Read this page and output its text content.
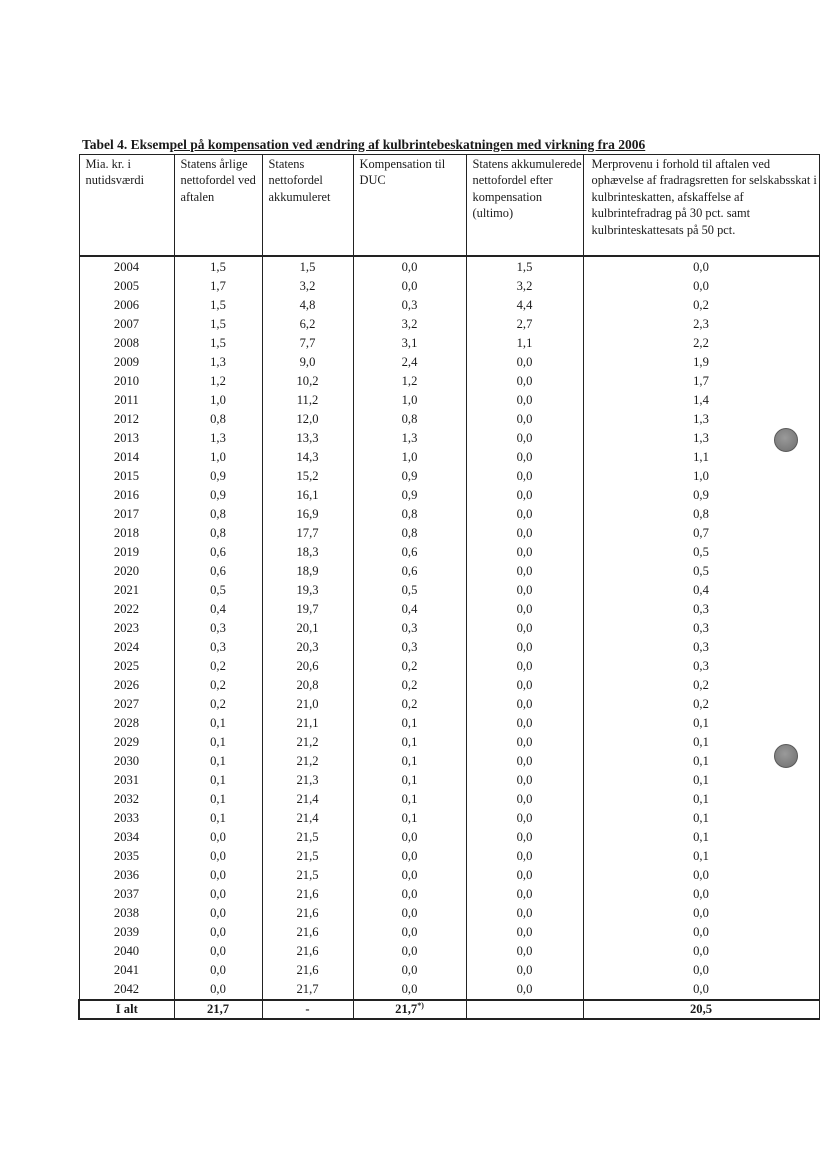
Tabel 4. Eksempel på kompensation ved ændring af kulbrintebeskatningen med virkning fra 2006
Mia. kr. i nutidsværdi	Statens årlige nettofordel ved aftalen	Statens nettofordel akkumuleret	Kompensation til DUC	Statens akkumulerede nettofordel efter kompensation (ultimo)	Merprovenu i forhold til aftalen ved ophævelse af fradragsretten for selskabsskat i kulbrinteskatten, afskaffelse af kulbrintefradrag på 30 pct. samt kulbrinteskattesats på 50 pct.
2004	1,5	1,5	0,0	1,5	0,0
2005	1,7	3,2	0,0	3,2	0,0
2006	1,5	4,8	0,3	4,4	0,2
2007	1,5	6,2	3,2	2,7	2,3
2008	1,5	7,7	3,1	1,1	2,2
2009	1,3	9,0	2,4	0,0	1,9
2010	1,2	10,2	1,2	0,0	1,7
2011	1,0	11,2	1,0	0,0	1,4
2012	0,8	12,0	0,8	0,0	1,3
2013	1,3	13,3	1,3	0,0	1,3
2014	1,0	14,3	1,0	0,0	1,1
2015	0,9	15,2	0,9	0,0	1,0
2016	0,9	16,1	0,9	0,0	0,9
2017	0,8	16,9	0,8	0,0	0,8
2018	0,8	17,7	0,8	0,0	0,7
2019	0,6	18,3	0,6	0,0	0,5
2020	0,6	18,9	0,6	0,0	0,5
2021	0,5	19,3	0,5	0,0	0,4
2022	0,4	19,7	0,4	0,0	0,3
2023	0,3	20,1	0,3	0,0	0,3
2024	0,3	20,3	0,3	0,0	0,3
2025	0,2	20,6	0,2	0,0	0,3
2026	0,2	20,8	0,2	0,0	0,2
2027	0,2	21,0	0,2	0,0	0,2
2028	0,1	21,1	0,1	0,0	0,1
2029	0,1	21,2	0,1	0,0	0,1
2030	0,1	21,2	0,1	0,0	0,1
2031	0,1	21,3	0,1	0,0	0,1
2032	0,1	21,4	0,1	0,0	0,1
2033	0,1	21,4	0,1	0,0	0,1
2034	0,0	21,5	0,0	0,0	0,1
2035	0,0	21,5	0,0	0,0	0,1
2036	0,0	21,5	0,0	0,0	0,0
2037	0,0	21,6	0,0	0,0	0,0
2038	0,0	21,6	0,0	0,0	0,0
2039	0,0	21,6	0,0	0,0	0,0
2040	0,0	21,6	0,0	0,0	0,0
2041	0,0	21,6	0,0	0,0	0,0
2042	0,0	21,7	0,0	0,0	0,0
I alt	21,7	-	21,7*)		20,5
